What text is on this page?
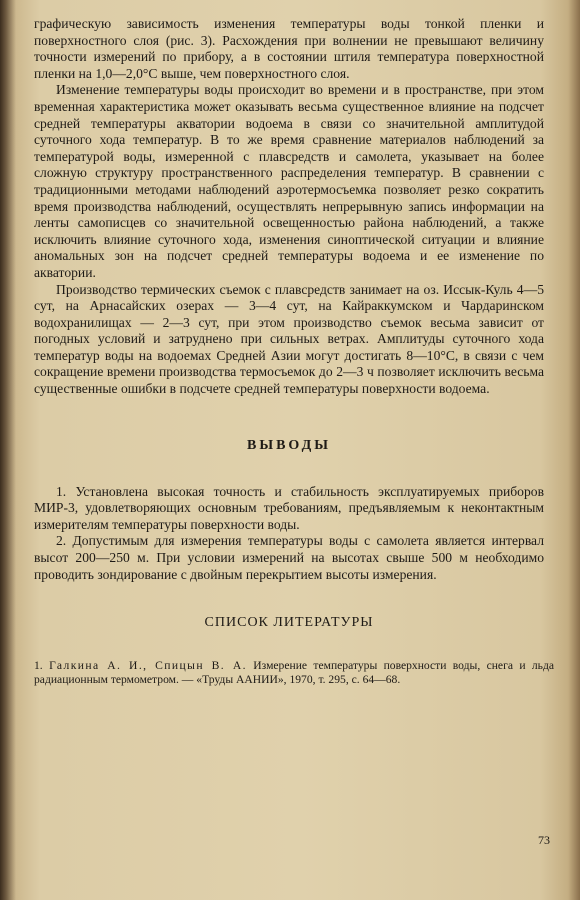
графическую зависимость изменения температуры воды тонкой пленки и поверхностного слоя (рис. 3). Расхождения при волнении не превышают величину точности измерений по прибору, а в состоянии штиля температура поверхностной пленки на 1,0—2,0°С выше, чем поверхностного слоя.

Изменение температуры воды происходит во времени и в пространстве, при этом временная характеристика может оказывать весьма существенное влияние на подсчет средней температуры акватории водоема в связи со значительной амплитудой суточного хода температур. В то же время сравнение материалов наблюдений за температурой воды, измеренной с плавсредств и самолета, указывает на более сложную структуру пространственного распределения температур. В сравнении с традиционными методами наблюдений аэротермосъемка позволяет резко сократить время производства наблюдений, осуществлять непрерывную запись информации на ленты самописцев со значительной освещенностью района наблюдений, а также исключить влияние суточного хода, изменения синоптической ситуации и влияние аномальных зон на подсчет средней температуры водоема и ее изменение по акватории.

Производство термических съемок с плавсредств занимает на оз. Иссык-Куль 4—5 сут, на Арнасайских озерах — 3—4 сут, на Кайраккумском и Чардаринском водохранилищах — 2—3 сут, при этом производство съемок весьма зависит от погодных условий и затруднено при сильных ветрах. Амплитуды суточного хода температур воды на водоемах Средней Азии могут достигать 8—10°С, в связи с чем сокращение времени производства термосъемок до 2—3 ч позволяет исключить весьма существенные ошибки в подсчете средней температуры поверхности водоема.

ВЫВОДЫ

1. Установлена высокая точность и стабильность эксплуатируемых приборов МИР-3, удовлетворяющих основным требованиям, предъявляемым к неконтактным измерителям температуры поверхности воды.

2. Допустимым для измерения температуры воды с самолета является интервал высот 200—250 м. При условии измерений на высотах свыше 500 м необходимо проводить зондирование с двойным перекрытием высоты измерения.

СПИСОК ЛИТЕРАТУРЫ

1. Галкина А. И., Спицын В. А. Измерение температуры поверхности воды, снега и льда радиационным термометром. — «Труды ААНИИ», 1970, т. 295, с. 64—68.

73
